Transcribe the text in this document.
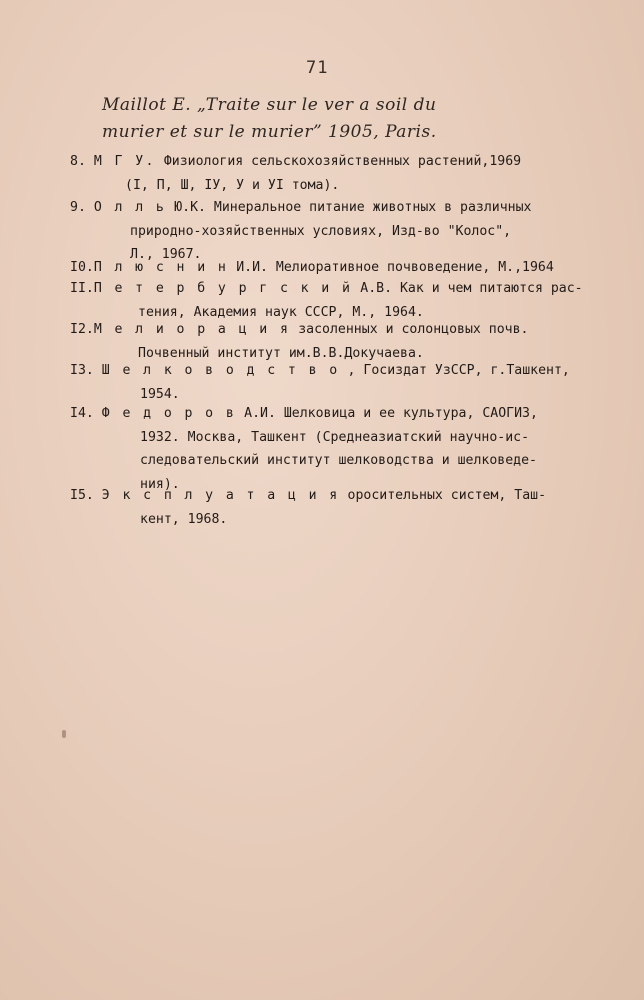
71
Maillot E. „Traite sur le ver a soil du
murier et sur le murier” 1905, Paris.
8. М Г У. Физиология сельскохозяйственных растений,1969
(I, П, Ш, IУ, У и УI тома).
9. О л л ь Ю.К. Минеральное питание животных в различных
природно-хозяйственных условиях, Изд-во "Колос",
Л., 1967.
I0.П л ю с н и н И.И. Мелиоративное почвоведение, М.,1964
II.П е т е р б у р г с к и й А.В. Как и чем питаются рас-
тения, Академия наук СССР, М., 1964.
I2.М е л и о р а ц и я засоленных и солонцовых почв.
Почвенный институт им.В.В.Докучаева.
I3. Ш е л к о в о д с т в о , Госиздат УзССР, г.Ташкент,
1954.
I4. Ф е д о р о в А.И. Шелковица и ее культура, САОГИЗ,
1932. Москва, Ташкент (Среднеазиатский научно-ис-
следовательский институт шелководства и шелковеде-
ния).
I5. Э к с п л у а т а ц и я оросительных систем, Таш-
кент, 1968.
